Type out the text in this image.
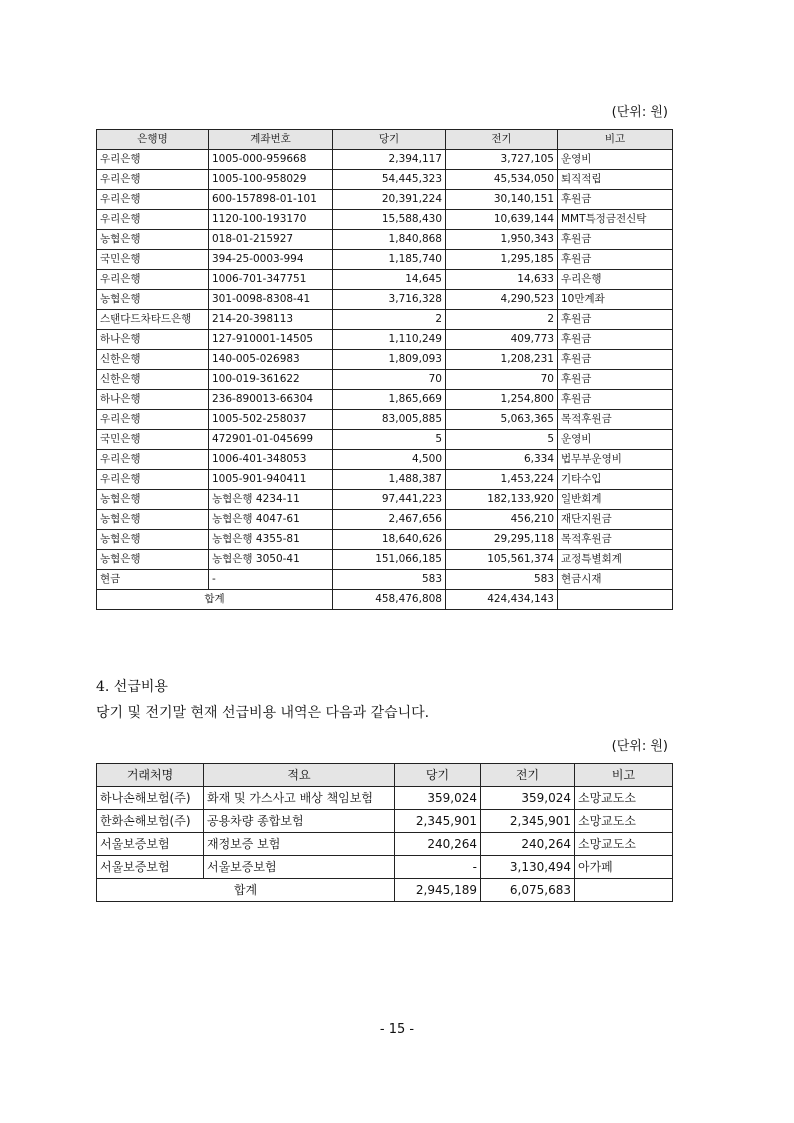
(단위: 원)
은행명	계좌번호	당기	전기	비고
우리은행	1005-000-959668	2,394,117	3,727,105	운영비
우리은행	1005-100-958029	54,445,323	45,534,050	퇴직적립
우리은행	600-157898-01-101	20,391,224	30,140,151	후원금
우리은행	1120-100-193170	15,588,430	10,639,144	MMT특정금전신탁
농협은행	018-01-215927	1,840,868	1,950,343	후원금
국민은행	394-25-0003-994	1,185,740	1,295,185	후원금
우리은행	1006-701-347751	14,645	14,633	우리은행
농협은행	301-0098-8308-41	3,716,328	4,290,523	10만계좌
스탠다드차타드은행	214-20-398113	2	2	후원금
하나은행	127-910001-14505	1,110,249	409,773	후원금
신한은행	140-005-026983	1,809,093	1,208,231	후원금
신한은행	100-019-361622	70	70	후원금
하나은행	236-890013-66304	1,865,669	1,254,800	후원금
우리은행	1005-502-258037	83,005,885	5,063,365	목적후원금
국민은행	472901-01-045699	5	5	운영비
우리은행	1006-401-348053	4,500	6,334	법무부운영비
우리은행	1005-901-940411	1,488,387	1,453,224	기타수입
농협은행	농협은행 4234-11	97,441,223	182,133,920	일반회계
농협은행	농협은행 4047-61	2,467,656	456,210	재단지원금
농협은행	농협은행 4355-81	18,640,626	29,295,118	목적후원금
농협은행	농협은행 3050-41	151,066,185	105,561,374	교정특별회계
현금	-	583	583	현금시재
합계		458,476,808	424,434,143	
4. 선급비용
당기 및 전기말 현재 선급비용 내역은 다음과 같습니다.
(단위: 원)
거래처명	적요	당기	전기	비고
하나손해보험(주)	화재 및 가스사고 배상 책임보험	359,024	359,024	소망교도소
한화손해보험(주)	공용차량 종합보험	2,345,901	2,345,901	소망교도소
서울보증보험	재정보증 보험	240,264	240,264	소망교도소
서울보증보험	서울보증보험	-	3,130,494	아가페
합계		2,945,189	6,075,683	
- 15 -
